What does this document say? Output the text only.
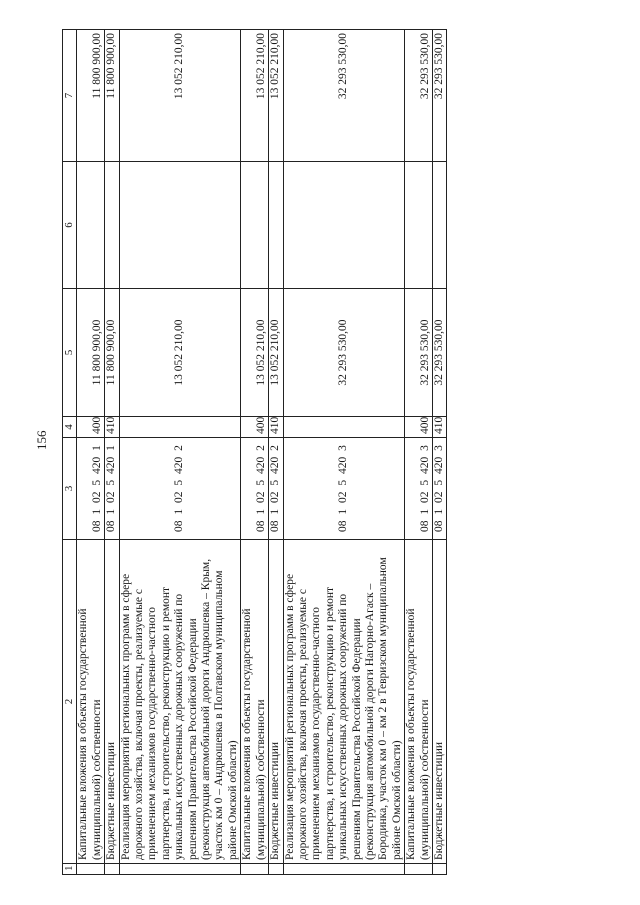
156
1	2	3	4	5	6	7
	Капитальные вложения в объекты государственной (муниципальной) собственности	08 1 02 5 420 1	400	11 800 900,00		11 800 900,00
	Бюджетные инвестиции	08 1 02 5 420 1	410	11 800 900,00		11 800 900,00
	Реализация мероприятий региональных программ в сфере дорожного хозяйства, включая проекты, реализуемые с применением механизмов государственно-частного партнерства, и строительство, реконструкцию и ремонт уникальных искусственных дорожных сооружений по решениям Правительства Российской Федерации (реконструкция автомобильной дороги Андрюшевка – Крым, участок км 0 – Андрюшевка в Полтавском муниципальном районе Омской области)	08 1 02 5 420 2		13 052 210,00		13 052 210,00
	Капитальные вложения в объекты государственной (муниципальной) собственности	08 1 02 5 420 2	400	13 052 210,00		13 052 210,00
	Бюджетные инвестиции	08 1 02 5 420 2	410	13 052 210,00		13 052 210,00
	Реализация мероприятий региональных программ в сфере дорожного хозяйства, включая проекты, реализуемые с применением механизмов государственно-частного партнерства, и строительство, реконструкцию и ремонт уникальных искусственных дорожных сооружений по решениям Правительства Российской Федерации (реконструкция автомобильной дороги Нагорно-Агаск – Бородинка, участок км 0 – км 2 в Тевризском муниципальном районе Омской области)	08 1 02 5 420 3		32 293 530,00		32 293 530,00
	Капитальные вложения в объекты государственной (муниципальной) собственности	08 1 02 5 420 3	400	32 293 530,00		32 293 530,00
	Бюджетные инвестиции	08 1 02 5 420 3	410	32 293 530,00		32 293 530,00
